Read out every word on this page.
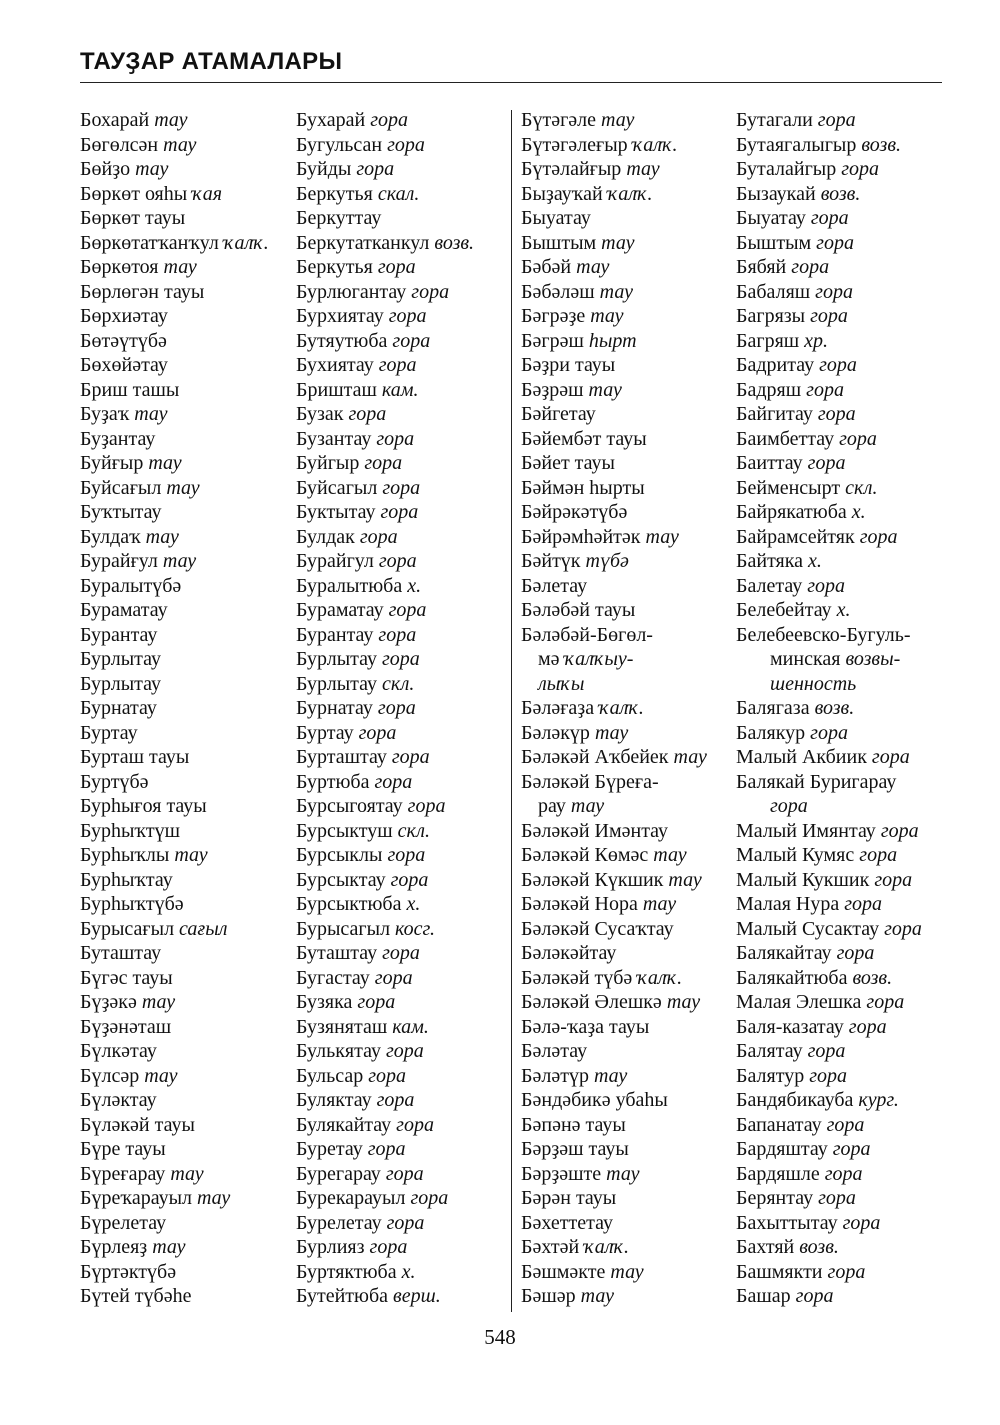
ТАУҘАР АТАМАЛАРЫ
Бохарай тау	Бухарай гора
Бөгөлсән тау	Бугульсан гора
Бөйҙо тау	Буйды гора
Бөркөт ояһы ҡая	Беркутья скал.
Бөркөт тауы	Беркуттау
Бөркөтатҡанҡул ҡалҡ.	Беркутатканкул возв.
Бөркөтоя тау	Беркутья гора
Бөрлөгән тауы	Бурлюгантау гора
Бөрхиәтау	Бурхиятау гора
Бөтәүтүбә	Бутяутюба гора
Бөхөйәтау	Бухиятау гора
Бриш ташы	Бришташ кам.
Буҙаҡ тау	Бузак гора
Буҙантау	Бузантау гора
Буйғыр тау	Буйгыр гора
Буйсағыл тау	Буйсагыл гора
Буҡтытау	Буктытау гора
Булдаҡ тау	Булдак гора
Бурайғул тау	Бурайгул гора
Буралытүбә	Буралытюба х.
Бураматау	Бураматау гора
Бурантау	Бурантау гора
Бурлытау	Бурлытау гора
Бурлытау	Бурлытау скл.
Бурнатау	Бурнатау гора
Буртау	Буртау гора
Бурташ тауы	Бурташтау гора
Буртүбә	Буртюба гора
Бурһығоя тауы	Бурсыгоятау гора
Бурһыҡтүш	Бурсыктуш скл.
Бурһыҡлы тау	Бурсыклы гора
Бурһыҡтау	Бурсыктау гора
Бурһыҡтүбә	Бурсыктюба х.
Бурысағыл сағыл	Бурысагыл косг.
Буташтау	Буташтау гора
Бүгәс тауы	Бугастау гора
Бүҙәкә тау	Бузяка гора
Бүҙәнәташ	Бузяняташ кам.
Бүлкәтау	Булькятау гора
Бүлсәр тау	Бульсар гора
Бүләктау	Буляктау гора
Бүләкәй тауы	Булякайтау гора
Бүре тауы	Буретау гора
Бүреғарау тау	Бурегарау гора
Бүреҡарауыл тау	Бурекарауыл гора
Бүрелетау	Бурелетау гора
Бүрлеяҙ тау	Бурлияз гора
Бүртәктүбә	Буртяктюба х.
Бүтей түбәһе	Бутейтюба верш.
Бүтәгәле тау	Бутагали гора
Бүтәгәлеғыр ҡалҡ.	Бутаягалыгыр возв.
Бүтәлайғыр тау	Буталайгыр гора
Быҙауҡай ҡалҡ.	Бызаукай возв.
Быуатау	Быуатау гора
Быштым тау	Быштым гора
Бәбәй тау	Бябяй гора
Бәбәләш тау	Бабаляш гора
Бәгрәҙе тау	Багрязы гора
Бәгрәш һырт	Багряш хр.
Бәҙри тауы	Бадритау гора
Бәҙрәш тау	Бадряш гора
Бәйгетау	Байгитау гора
Бәйембәт тауы	Баимбеттау гора
Бәйет тауы	Баиттау гора
Бәймән һырты	Бейменсырт скл.
Бәйрәкәтүбә	Байрякатюба х.
Бәйрәмһәйтәк тау	Байрамсейтяк гора
Бәйтүк түбә	Байтяка х.
Бәлетау	Балетау гора
Бәләбәй тауы	Белебейтау х.
Бәләбәй-Бөгөл-	Белебеевско-Бугуль-
мә ҡалҡыу-	минская возвы-
лыҡы	шенность
Бәләғаҙа ҡалҡ.	Балягаза возв.
Бәләкүр тау	Балякур гора
Бәләкәй Аҡбейек тау	Малый Акбиик гора
Бәләкәй Бүреға-	Балякай Буригарау
рау тау	гора
Бәләкәй Имәнтау	Малый Имянтау гора
Бәләкәй Көмәс тау	Малый Кумяс гора
Бәләкәй Күкшик тау	Малый Кукшик гора
Бәләкәй Нора тау	Малая Нура гора
Бәләкәй Сусаҡтау	Малый Сусактау гора
Бәләкәйтау	Балякайтау гора
Бәләкәй түбә ҡалҡ.	Балякайтюба возв.
Бәләкәй Әлешкә тау	Малая Элешка гора
Бәлә-ҡаҙа тауы	Баля-казатау гора
Бәләтау	Балятау гора
Бәләтүр тау	Балятур гора
Бәндәбикә убаһы	Бандябикауба кург.
Бәпәнә тауы	Бапанатау гора
Бәрҙәш тауы	Бардяштау гора
Бәрҙәште тау	Бардяшле гора
Бәрән тауы	Берянтау гора
Бәхеттетау	Бахыттытау гора
Бәхтәй ҡалҡ.	Бахтяй возв.
Бәшмәкте тау	Башмякти гора
Бәшәр тау	Башар гора
548
